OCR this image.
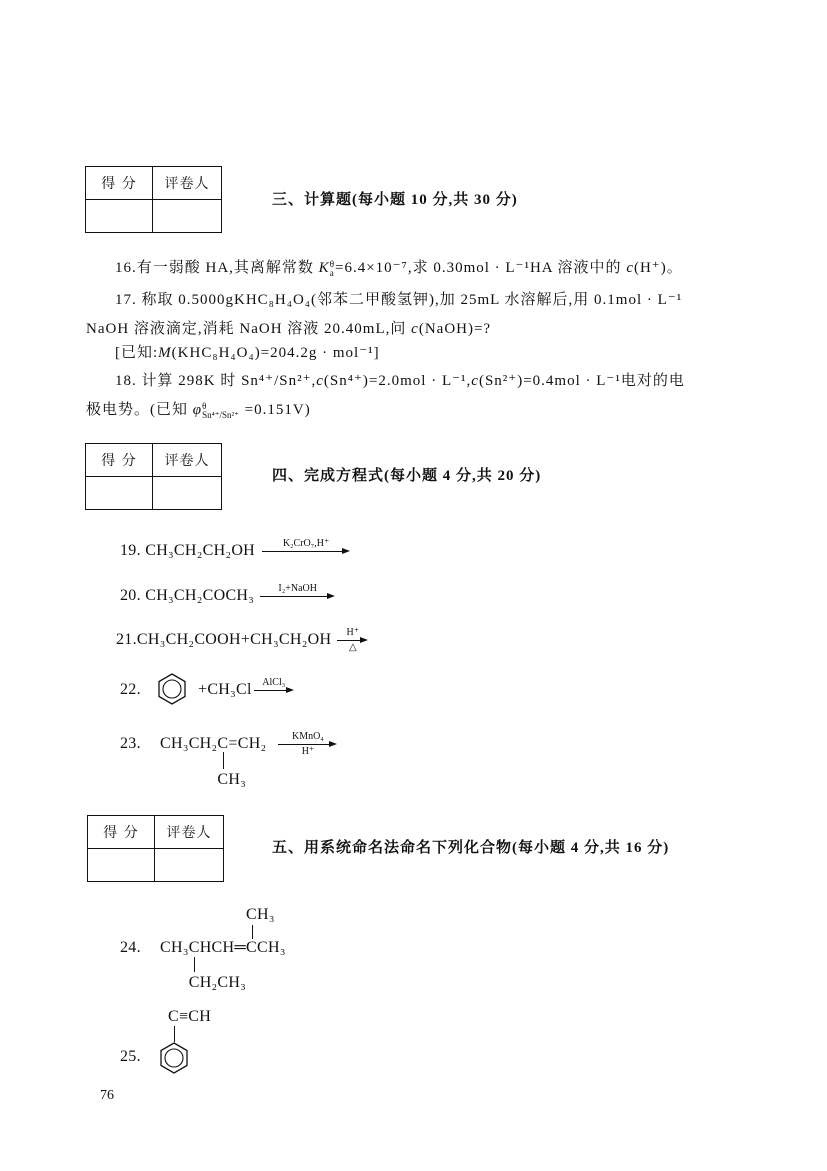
得 分	评卷人

三、计算题(每小题 10 分,共 30 分)
16.有一弱酸 HA,其离解常数 K θ
a =6.4×10⁻⁷,求 0.30mol · L⁻¹HA 溶液中的 c(H⁺)。
17. 称取 0.5000gKHC₈H₄O₄(邻苯二甲酸氢钾),加 25mL 水溶解后,用 0.1mol · L⁻¹
NaOH 溶液滴定,消耗 NaOH 溶液 20.40mL,问 c(NaOH)=?
[已知:M(KHC₈H₄O₄)=204.2g · mol⁻¹]
18. 计算 298K 时 Sn⁴⁺/Sn²⁺,c(Sn⁴⁺)=2.0mol · L⁻¹,c(Sn²⁺)=0.4mol · L⁻¹电对的电
极电势。(已知 φ θ
Sn⁴⁺/Sn²⁺ =0.151V)
得 分	评卷人

四、完成方程式(每小题 4 分,共 20 分)
19. CH₃CH₂CH₂OH	K₂CrO₇,H⁺
20. CH₃CH₂COCH₃	I₂+NaOH
21.CH₃CH₂COOH+CH₃CH₂OH	H⁺
△
22.	+CH₃Cl	AlCl₃
23. CH₃CH₂C
CH₃
=CH₂	KMnO₄
H⁺
得 分	评卷人

五、用系统命名法命名下列化合物(每小题 4 分,共 16 分)
24. CH₃C
CH₂CH₃
HCH═C
CH₃
CH₃
C≡CH
25.
76
